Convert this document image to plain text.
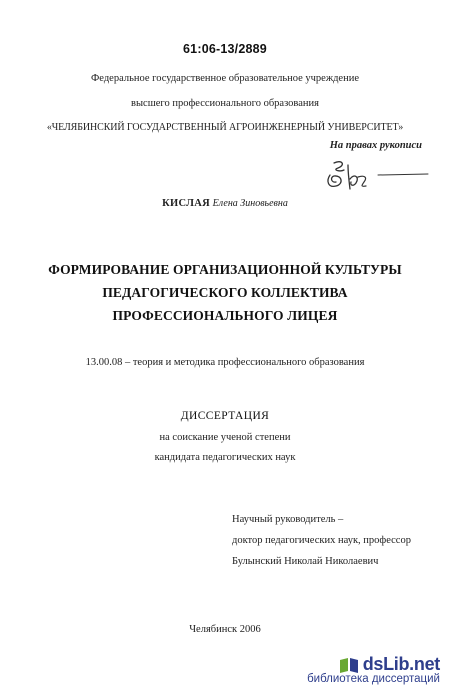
61:06-13/2889
Федеральное государственное образовательное учреждение
высшего профессионального образования
«ЧЕЛЯБИНСКИЙ ГОСУДАРСТВЕННЫЙ АГРОИНЖЕНЕРНЫЙ УНИВЕРСИТЕТ»
На правах рукописи
КИСЛАЯ Елена Зиновьевна
ФОРМИРОВАНИЕ ОРГАНИЗАЦИОННОЙ КУЛЬТУРЫ
ПЕДАГОГИЧЕСКОГО КОЛЛЕКТИВА
ПРОФЕССИОНАЛЬНОГО ЛИЦЕЯ
13.00.08 – теория и методика профессионального образования
ДИССЕРТАЦИЯ
на соискание ученой степени
кандидата педагогических наук
Научный руководитель –
доктор педагогических наук, профессор
Булынский Николай Николаевич
Челябинск 2006
dsLib.net
библиотека диссертаций
